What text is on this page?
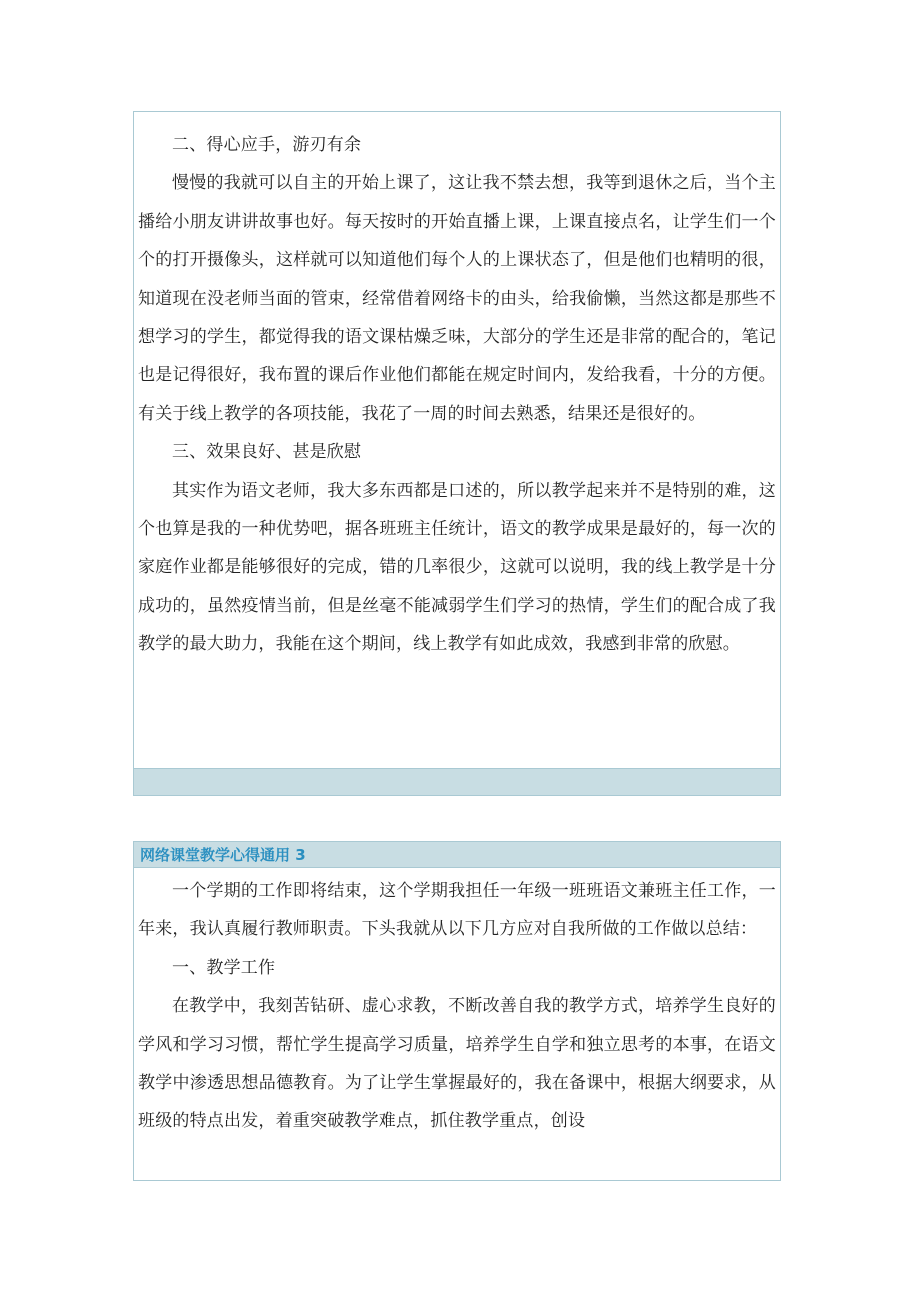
二、得心应手，游刃有余

慢慢的我就可以自主的开始上课了，这让我不禁去想，我等到退休之后，当个主播给小朋友讲讲故事也好。每天按时的开始直播上课，上课直接点名，让学生们一个个的打开摄像头，这样就可以知道他们每个人的上课状态了，但是他们也精明的很，知道现在没老师当面的管束，经常借着网络卡的由头，给我偷懒，当然这都是那些不想学习的学生，都觉得我的语文课枯燥乏味，大部分的学生还是非常的配合的，笔记也是记得很好，我布置的课后作业他们都能在规定时间内，发给我看，十分的方便。有关于线上教学的各项技能，我花了一周的时间去熟悉，结果还是很好的。

三、效果良好、甚是欣慰

其实作为语文老师，我大多东西都是口述的，所以教学起来并不是特别的难，这个也算是我的一种优势吧，据各班班主任统计，语文的教学成果是最好的，每一次的家庭作业都是能够很好的完成，错的几率很少，这就可以说明，我的线上教学是十分成功的，虽然疫情当前，但是丝毫不能减弱学生们学习的热情，学生们的配合成了我教学的最大助力，我能在这个期间，线上教学有如此成效，我感到非常的欣慰。

网络课堂教学心得通用 3

一个学期的工作即将结束，这个学期我担任一年级一班班语文兼班主任工作，一年来，我认真履行教师职责。下头我就从以下几方应对自我所做的工作做以总结：

一、教学工作

在教学中，我刻苦钻研、虚心求教，不断改善自我的教学方式，培养学生良好的学风和学习习惯，帮忙学生提高学习质量，培养学生自学和独立思考的本事，在语文教学中渗透思想品德教育。为了让学生掌握最好的，我在备课中，根据大纲要求，从班级的特点出发，着重突破教学难点，抓住教学重点，创设
